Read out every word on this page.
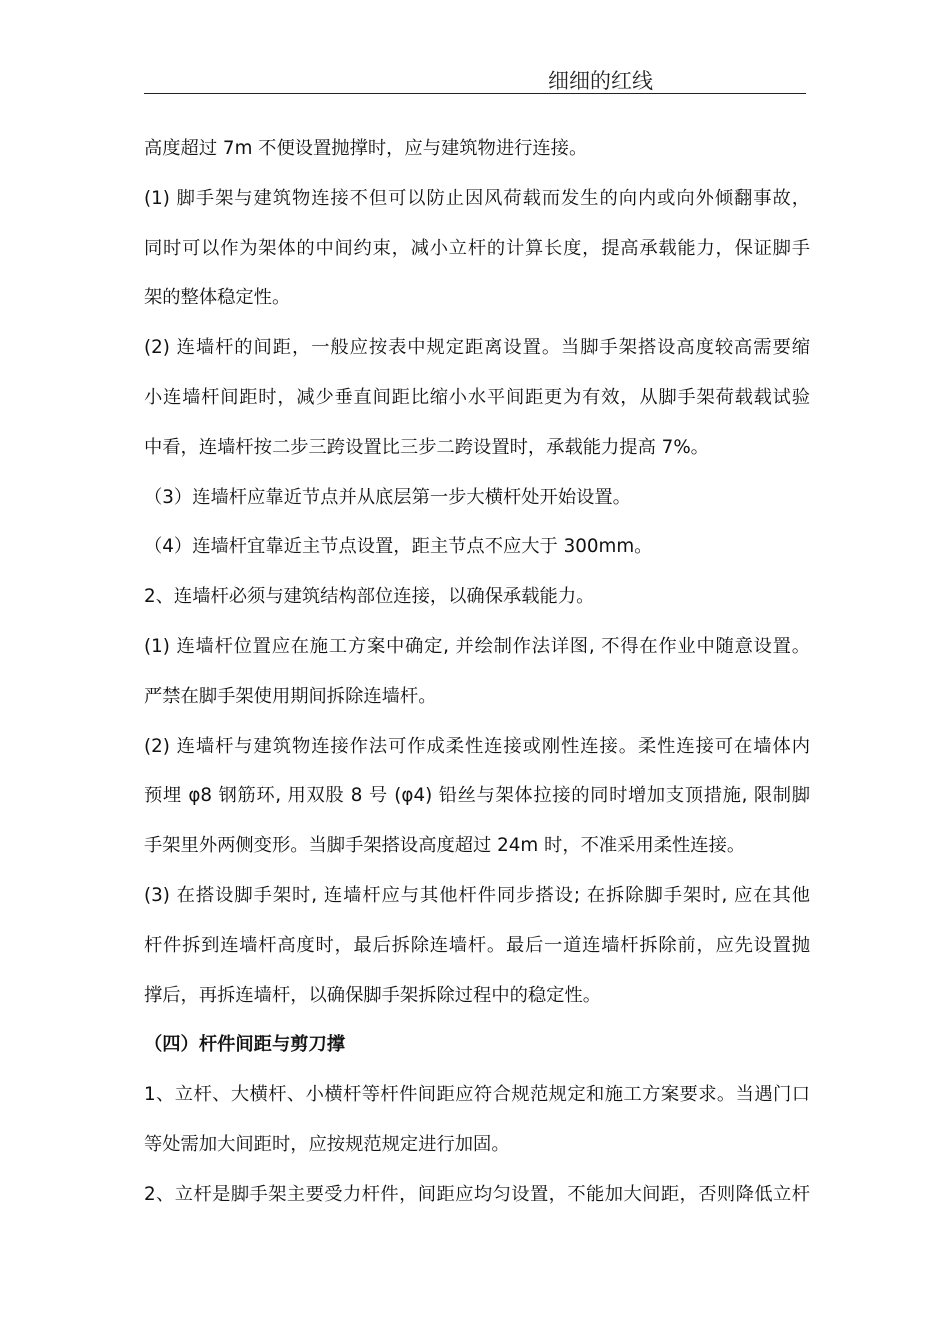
细细的红线
高度超过 7m 不便设置抛撑时，应与建筑物进行连接。
(1) 脚手架与建筑物连接不但可以防止因风荷载而发生的向内或向外倾翻事故，
同时可以作为架体的中间约束，减小立杆的计算长度，提高承载能力，保证脚手
架的整体稳定性。
(2) 连墙杆的间距，一般应按表中规定距离设置。当脚手架搭设高度较高需要缩
小连墙杆间距时，减少垂直间距比缩小水平间距更为有效，从脚手架荷载载试验
中看，连墙杆按二步三跨设置比三步二跨设置时，承载能力提高 7%。
（3）连墙杆应靠近节点并从底层第一步大横杆处开始设置。
（4）连墙杆宜靠近主节点设置，距主节点不应大于 300mm。
2、连墙杆必须与建筑结构部位连接，以确保承载能力。
(1) 连墙杆位置应在施工方案中确定, 并绘制作法详图, 不得在作业中随意设置。
严禁在脚手架使用期间拆除连墙杆。
(2) 连墙杆与建筑物连接作法可作成柔性连接或刚性连接。柔性连接可在墙体内
预埋 φ8 钢筋环, 用双股 8 号 (φ4) 铅丝与架体拉接的同时增加支顶措施, 限制脚
手架里外两侧变形。当脚手架搭设高度超过 24m 时，不准采用柔性连接。
(3) 在搭设脚手架时, 连墙杆应与其他杆件同步搭设; 在拆除脚手架时, 应在其他
杆件拆到连墙杆高度时，最后拆除连墙杆。最后一道连墙杆拆除前，应先设置抛
撑后，再拆连墙杆，以确保脚手架拆除过程中的稳定性。
（四）杆件间距与剪刀撑
1、立杆、大横杆、小横杆等杆件间距应符合规范规定和施工方案要求。当遇门口
等处需加大间距时，应按规范规定进行加固。
2、立杆是脚手架主要受力杆件，间距应均匀设置，不能加大间距，否则降低立杆
